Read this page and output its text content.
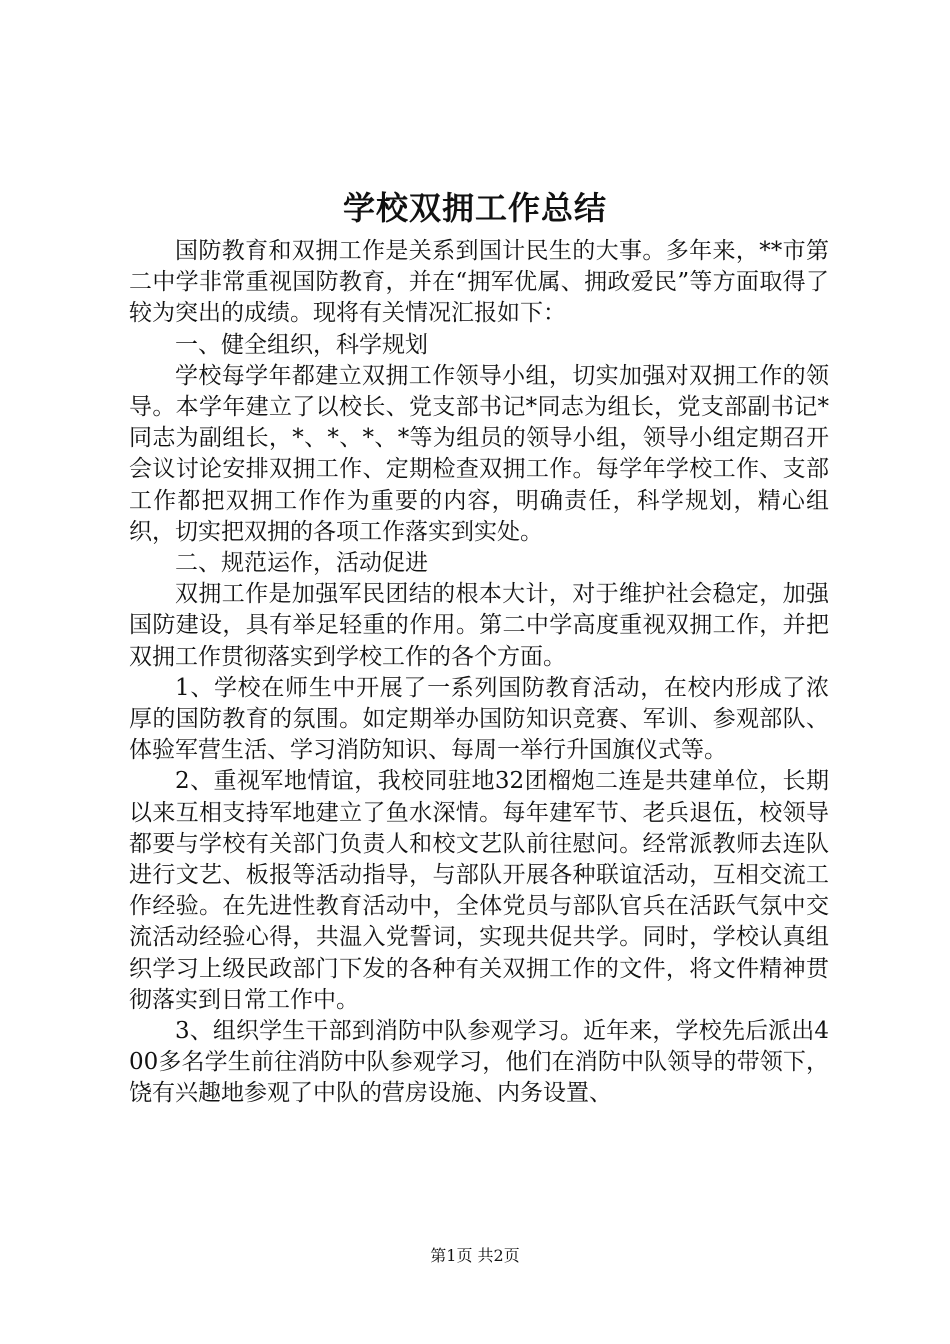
学校双拥工作总结

国防教育和双拥工作是关系到国计民生的大事。多年来，**市第二中学非常重视国防教育，并在“拥军优属、拥政爱民”等方面取得了较为突出的成绩。现将有关情况汇报如下：

一、健全组织，科学规划

学校每学年都建立双拥工作领导小组，切实加强对双拥工作的领导。本学年建立了以校长、党支部书记*同志为组长，党支部副书记*同志为副组长，*、*、*、*等为组员的领导小组，领导小组定期召开会议讨论安排双拥工作、定期检查双拥工作。每学年学校工作、支部工作都把双拥工作作为重要的内容，明确责任，科学规划，精心组织，切实把双拥的各项工作落实到实处。

二、规范运作，活动促进

双拥工作是加强军民团结的根本大计，对于维护社会稳定，加强国防建设，具有举足轻重的作用。第二中学高度重视双拥工作，并把双拥工作贯彻落实到学校工作的各个方面。

1、学校在师生中开展了一系列国防教育活动，在校内形成了浓厚的国防教育的氛围。如定期举办国防知识竞赛、军训、参观部队、体验军营生活、学习消防知识、每周一举行升国旗仪式等。

2、重视军地情谊，我校同驻地32团榴炮二连是共建单位，长期以来互相支持军地建立了鱼水深情。每年建军节、老兵退伍，校领导都要与学校有关部门负责人和校文艺队前往慰问。经常派教师去连队进行文艺、板报等活动指导，与部队开展各种联谊活动，互相交流工作经验。在先进性教育活动中，全体党员与部队官兵在活跃气氛中交流活动经验心得，共温入党誓词，实现共促共学。同时，学校认真组织学习上级民政部门下发的各种有关双拥工作的文件，将文件精神贯彻落实到日常工作中。

3、组织学生干部到消防中队参观学习。近年来，学校先后派出400多名学生前往消防中队参观学习，他们在消防中队领导的带领下，饶有兴趣地参观了中队的营房设施、内务设置、

第1页 共2页
